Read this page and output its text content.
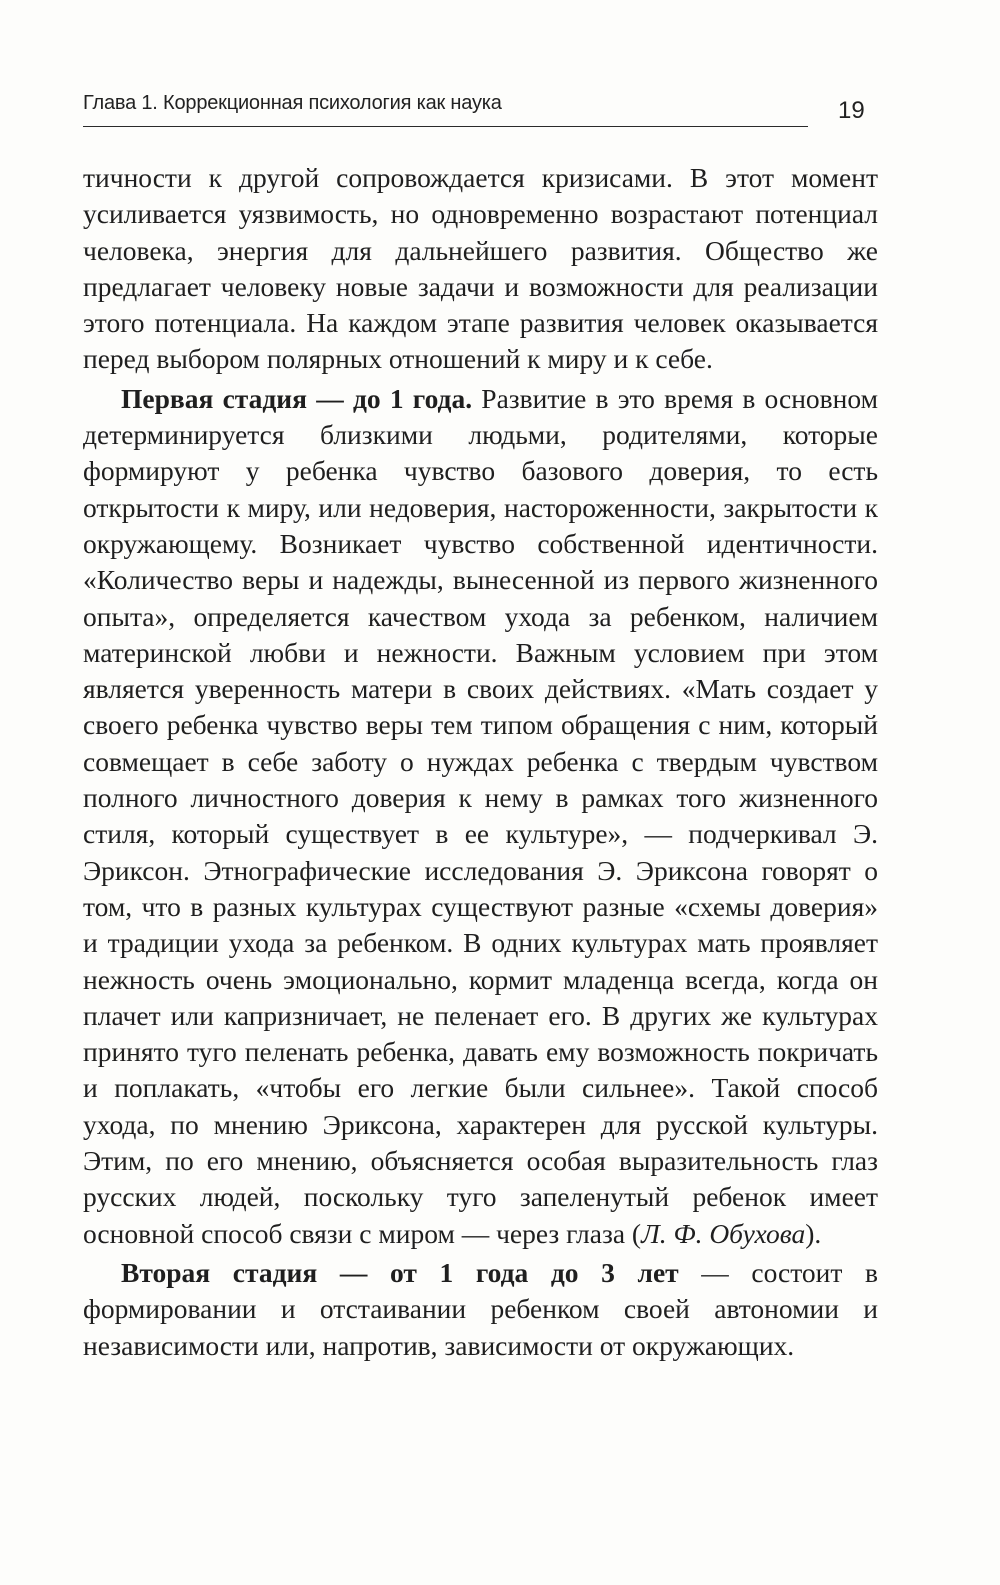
Глава 1. Коррекционная психология как наука	19

тичности к другой сопровождается кризисами. В этот момент усиливается уязвимость, но одновременно возрастают потенциал человека, энергия для дальнейшего развития. Общество же предлагает человеку новые задачи и возможности для реализации этого потенциала. На каждом этапе развития человек оказывается перед выбором полярных отношений к миру и к себе.

Первая стадия — до 1 года. Развитие в это время в основном детерминируется близкими людьми, родителями, которые формируют у ребенка чувство базового доверия, то есть открытости к миру, или недоверия, настороженности, закрытости к окружающему. Возникает чувство собственной идентичности. «Количество веры и надежды, вынесенной из первого жизненного опыта», определяется качеством ухода за ребенком, наличием материнской любви и нежности. Важным условием при этом является уверенность матери в своих действиях. «Мать создает у своего ребенка чувство веры тем типом обращения с ним, который совмещает в себе заботу о нуждах ребенка с твердым чувством полного личностного доверия к нему в рамках того жизненного стиля, который существует в ее культуре», — подчеркивал Э. Эриксон. Этнографические исследования Э. Эриксона говорят о том, что в разных культурах существуют разные «схемы доверия» и традиции ухода за ребенком. В одних культурах мать проявляет нежность очень эмоционально, кормит младенца всегда, когда он плачет или капризничает, не пеленает его. В других же культурах принято туго пеленать ребенка, давать ему возможность покричать и поплакать, «чтобы его легкие были сильнее». Такой способ ухода, по мнению Эриксона, характерен для русской культуры. Этим, по его мнению, объясняется особая выразительность глаз русских людей, поскольку туго запеленутый ребенок имеет основной способ связи с миром — через глаза (Л. Ф. Обухова).

Вторая стадия — от 1 года до 3 лет — состоит в формировании и отстаивании ребенком своей автономии и независимости или, напротив, зависимости от окружающих.
